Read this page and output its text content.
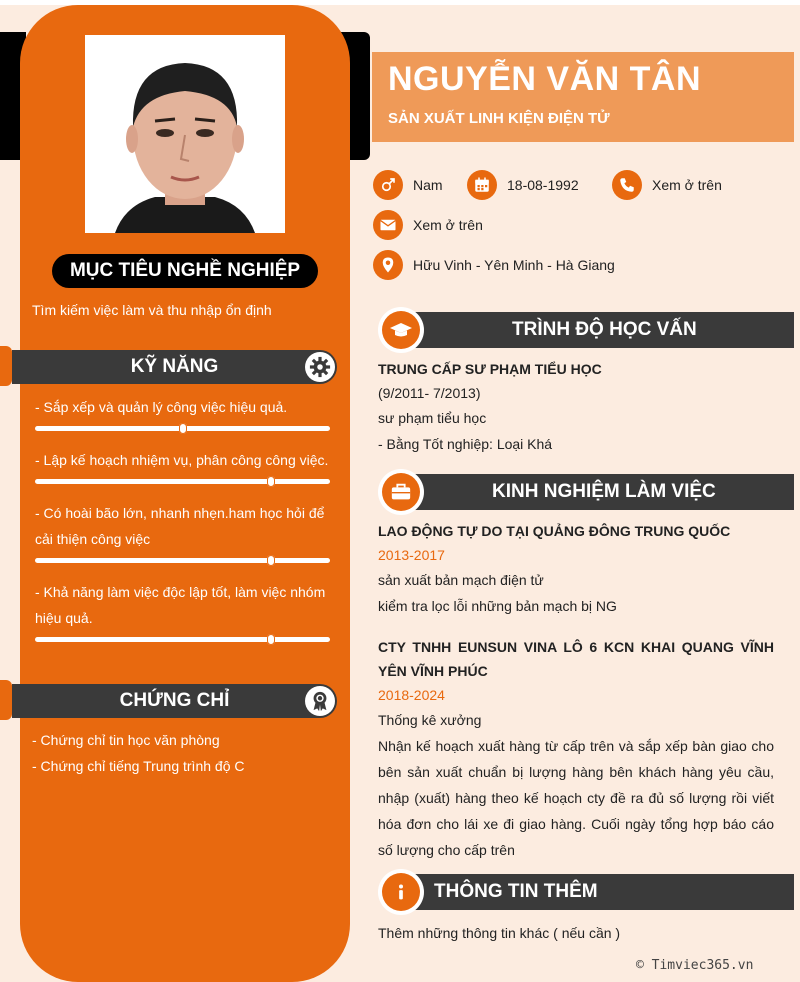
MỤC TIÊU NGHỀ NGHIỆP
Tìm kiếm việc làm và thu nhập ổn định
KỸ NĂNG
- Sắp xếp và quản lý công việc hiệu quả.
- Lập kế hoạch nhiệm vụ, phân công công việc.
- Có hoài bão lớn, nhanh nhẹn.ham học hỏi để cải thiện công việc
- Khả năng làm việc độc lập tốt, làm việc nhóm hiệu quả.
CHỨNG CHỈ
- Chứng chỉ tin học văn phòng
- Chứng chỉ tiếng Trung trình độ C
NGUYỄN VĂN TÂN
SẢN XUẤT LINH KIỆN ĐIỆN TỬ
Nam	18-08-1992	Xem ở trên
Xem ở trên
Hữu Vinh - Yên Minh - Hà Giang
TRÌNH ĐỘ HỌC VẤN
TRUNG CẤP SƯ PHẠM TIỂU HỌC
(9/2011- 7/2013)
sư phạm tiểu học
- Bằng Tốt nghiệp: Loại Khá
KINH NGHIỆM LÀM VIỆC
LAO ĐỘNG TỰ DO TẠI QUẢNG ĐÔNG TRUNG QUỐC
2013-2017
sản xuất bản mạch điện tử
kiểm tra lọc lỗi những bản mạch bị NG
CTY TNHH EUNSUN VINA LÔ 6 KCN KHAI QUANG VĨNH YÊN VĨNH PHÚC
2018-2024
Thống kê xưởng
Nhận kế hoạch xuất hàng từ cấp trên và sắp xếp bàn giao cho bên sản xuất chuẩn bị lượng hàng bên khách hàng yêu cầu, nhập (xuất) hàng theo kế hoạch cty đề ra đủ số lượng rồi viết hóa đơn cho lái xe đi giao hàng. Cuối ngày tổng hợp báo cáo số lượng cho cấp trên
THÔNG TIN THÊM
Thêm những thông tin khác ( nếu cần )
© Timviec365.vn
